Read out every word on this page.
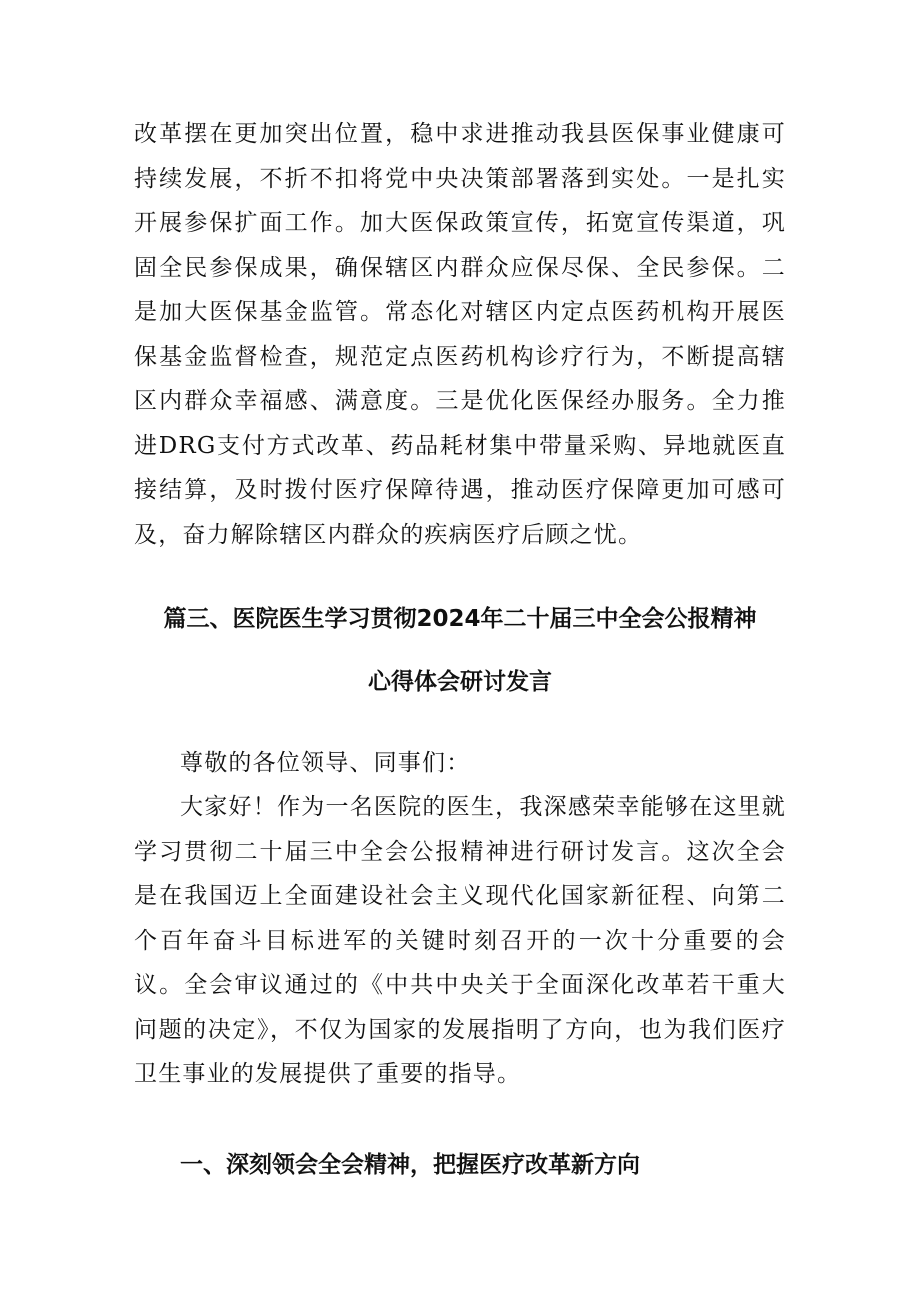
改革摆在更加突出位置，稳中求进推动我县医保事业健康可持续发展，不折不扣将党中央决策部署落到实处。一是扎实开展参保扩面工作。加大医保政策宣传，拓宽宣传渠道，巩固全民参保成果，确保辖区内群众应保尽保、全民参保。二是加大医保基金监管。常态化对辖区内定点医药机构开展医保基金监督检查，规范定点医药机构诊疗行为，不断提高辖区内群众幸福感、满意度。三是优化医保经办服务。全力推进DRG支付方式改革、药品耗材集中带量采购、异地就医直接结算，及时拨付医疗保障待遇，推动医疗保障更加可感可及，奋力解除辖区内群众的疾病医疗后顾之忧。

篇三、医院医生学习贯彻2024年二十届三中全会公报精神
心得体会研讨发言

尊敬的各位领导、同事们：

大家好！作为一名医院的医生，我深感荣幸能够在这里就学习贯彻二十届三中全会公报精神进行研讨发言。这次全会是在我国迈上全面建设社会主义现代化国家新征程、向第二个百年奋斗目标进军的关键时刻召开的一次十分重要的会议。全会审议通过的《中共中央关于全面深化改革若干重大问题的决定》，不仅为国家的发展指明了方向，也为我们医疗卫生事业的发展提供了重要的指导。

一、深刻领会全会精神，把握医疗改革新方向
